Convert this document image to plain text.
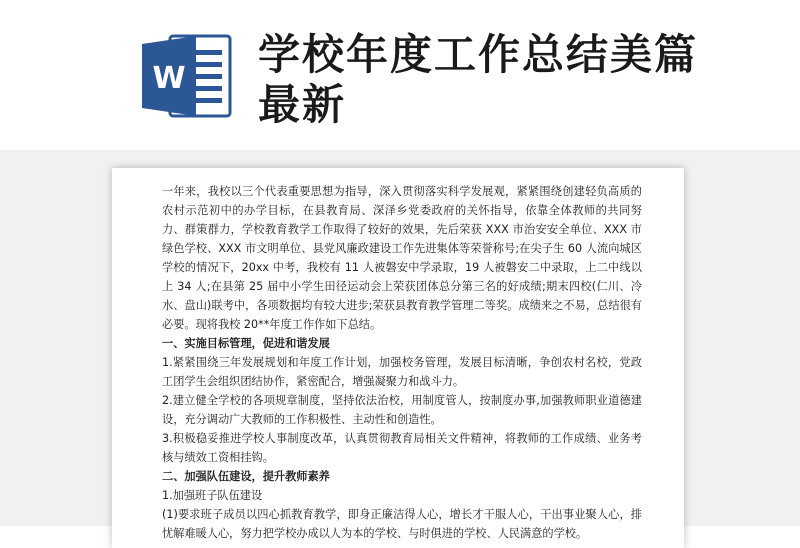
W 学校年度工作总结美篇最新

一年来，我校以三个代表重要思想为指导，深入贯彻落实科学发展观，紧紧围绕创建轻负高质的农村示范初中的办学目标，在县教育局、深泽乡党委政府的关怀指导，依靠全体教师的共同努力、群策群力，学校教育教学工作取得了较好的效果，先后荣获 XXX 市治安安全单位、XXX 市绿色学校、XXX 市文明单位、县党风廉政建设工作先进集体等荣誉称号;在尖子生 60 人流向城区学校的情况下，20xx 中考，我校有 11 人被磐安中学录取，19 人被磐安二中录取，上二中线以上 34 人;在县第 25 届中小学生田径运动会上荣获团体总分第三名的好成绩;期末四校(仁川、冷水、盘山)联考中，各项数据均有较大进步;荣获县教育教学管理二等奖。成绩来之不易，总结很有必要。现将我校 20**年度工作作如下总结。

一、实施目标管理，促进和谐发展

1.紧紧围绕三年发展规划和年度工作计划，加强校务管理，发展目标清晰，争创农村名校，党政工团学生会组织团结协作，紧密配合，增强凝聚力和战斗力。

2.建立健全学校的各项规章制度，坚持依法治校，用制度管人，按制度办事,加强教师职业道德建设，充分调动广大教师的工作积极性、主动性和创造性。

3.积极稳妥推进学校人事制度改革，认真贯彻教育局相关文件精神，将教师的工作成绩、业务考核与绩效工资相挂钩。

二、加强队伍建设，提升教师素养

1.加强班子队伍建设

(1)要求班子成员以四心抓教育教学，即身正廉洁得人心，增长才干服人心，干出事业聚人心，排忧解难暖人心，努力把学校办成以人为本的学校、与时俱进的学校、人民满意的学校。
